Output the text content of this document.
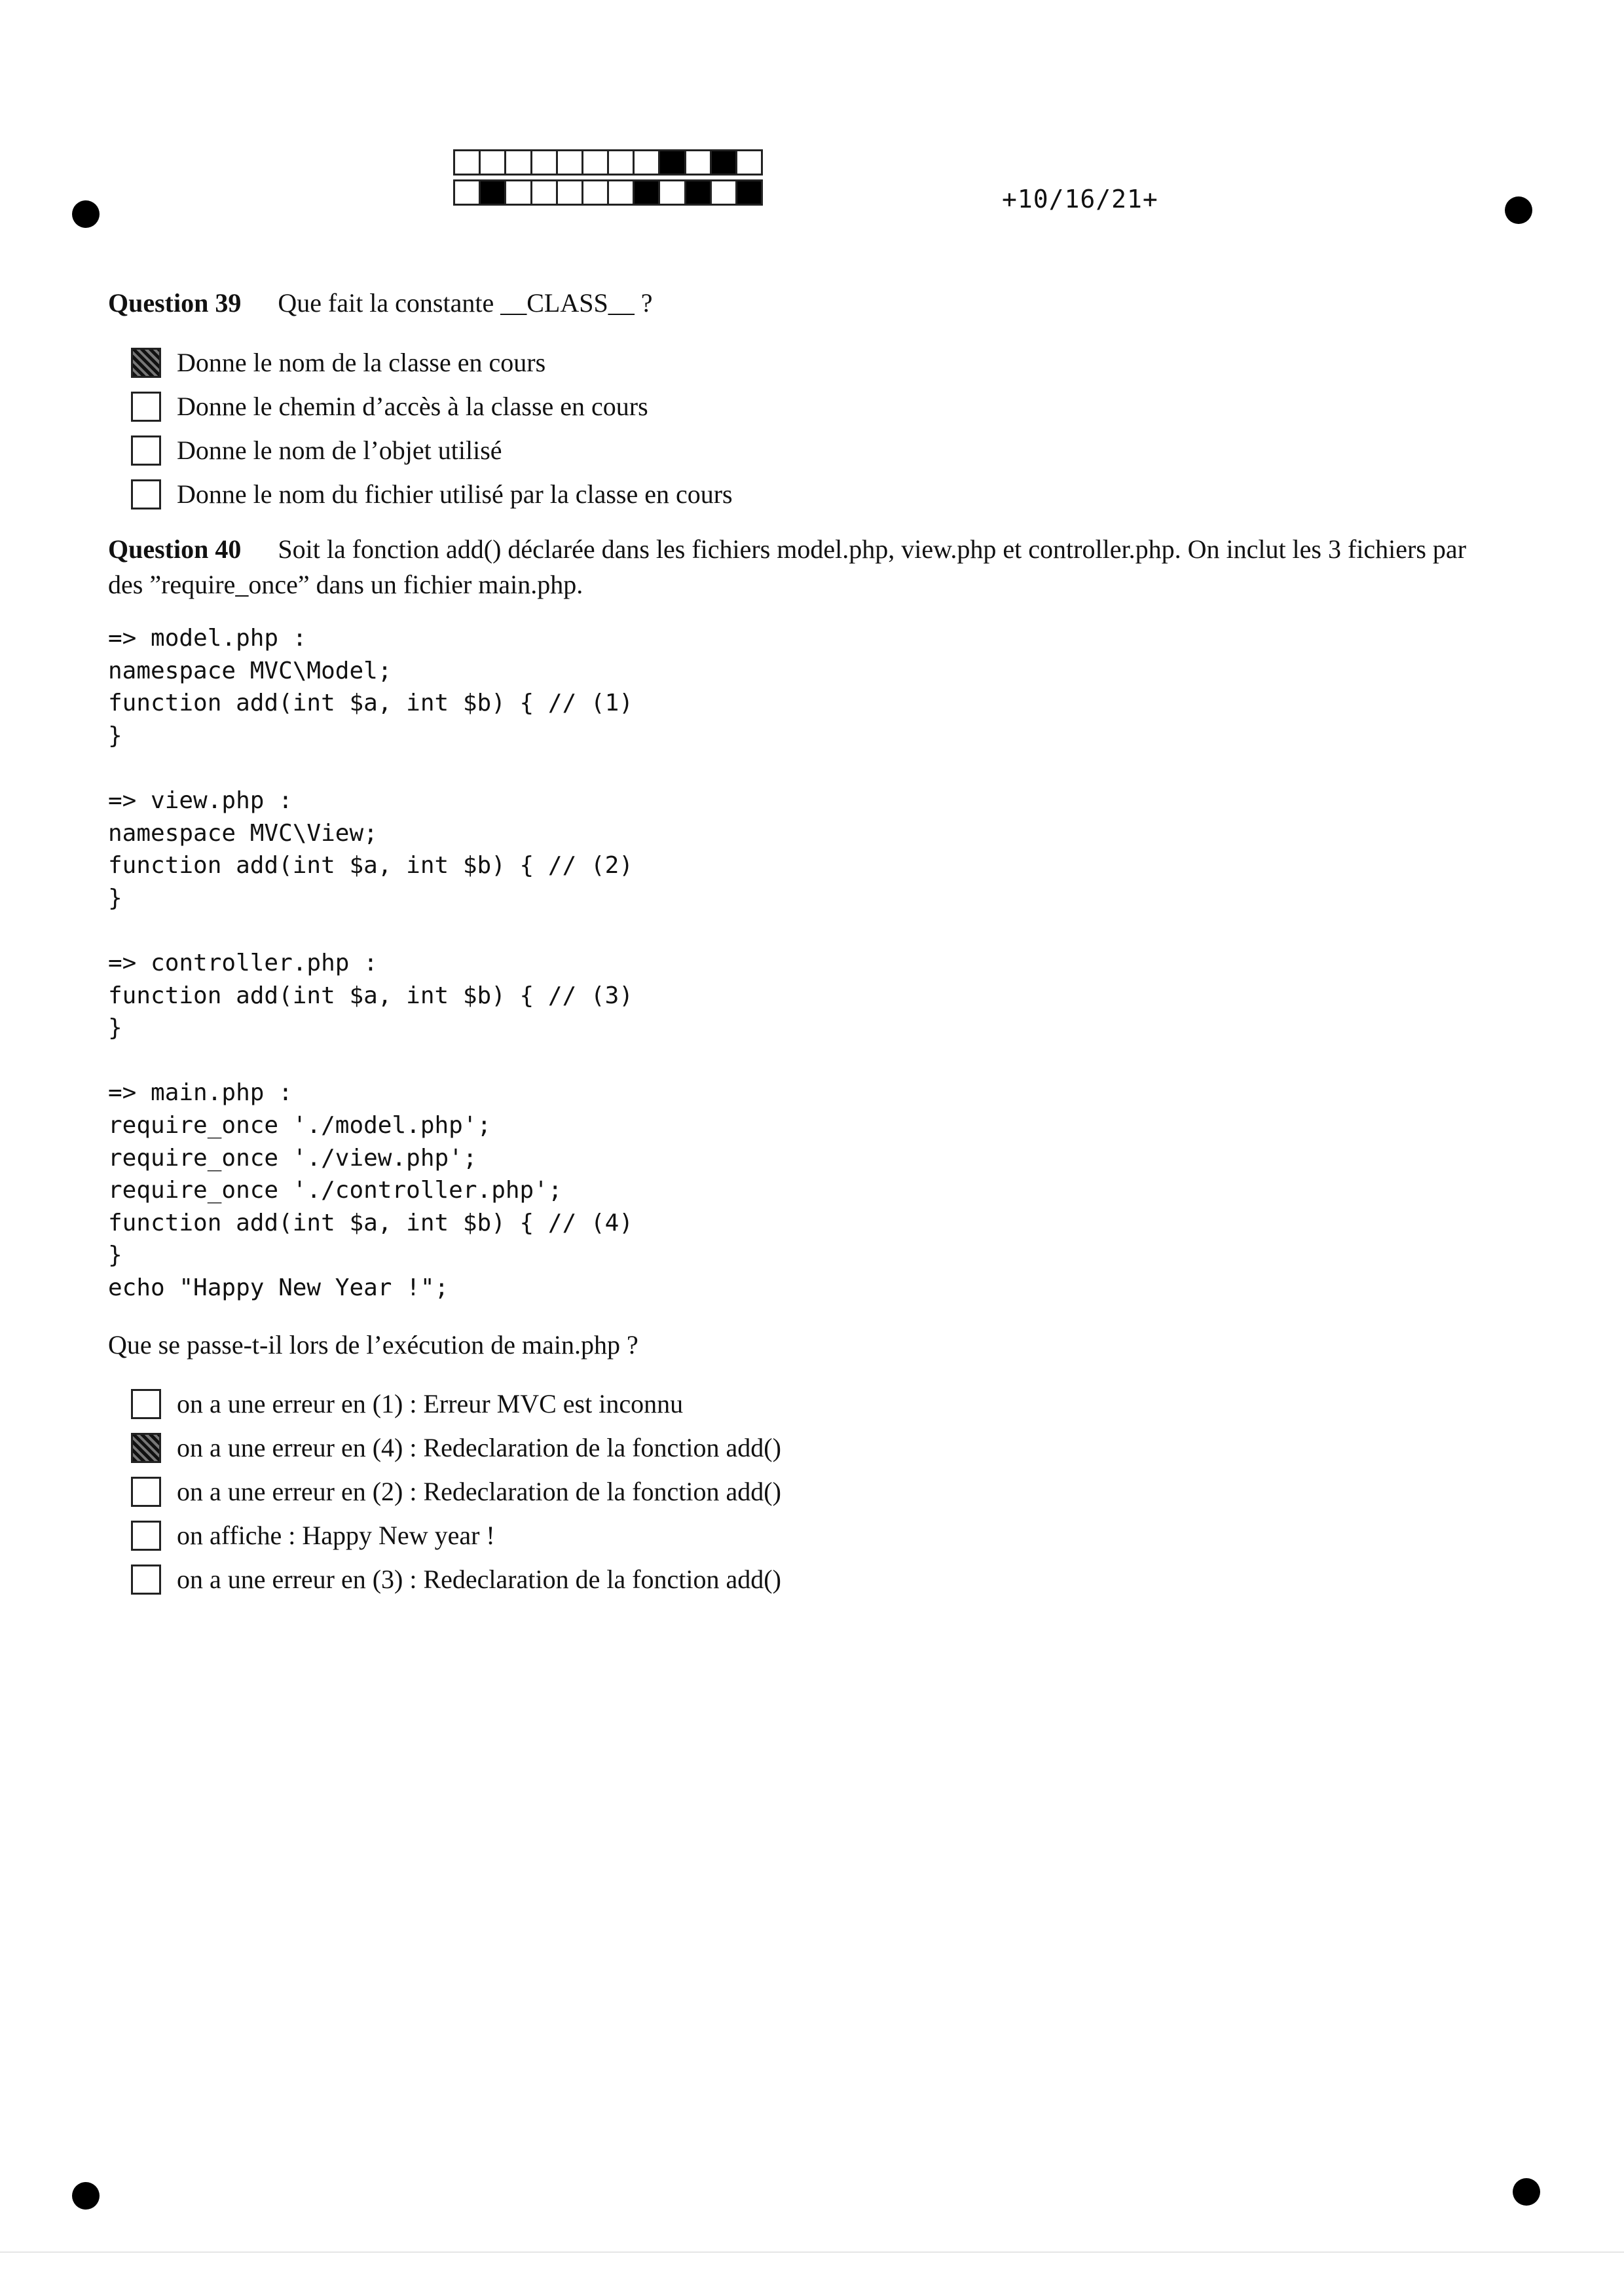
+10/16/21+
Question 39 Que fait la constante __CLASS__ ?
Donne le nom de la classe en cours
Donne le chemin d’accès à la classe en cours
Donne le nom de l’objet utilisé
Donne le nom du fichier utilisé par la classe en cours
Question 40 Soit la fonction add() déclarée dans les fichiers model.php, view.php et controller.php. On inclut les 3 fichiers par des ”require_once” dans un fichier main.php.
=> model.php :
namespace MVC\Model;
function add(int $a, int $b) { // (1)
}

=> view.php :
namespace MVC\View;
function add(int $a, int $b) { // (2)
}

=> controller.php :
function add(int $a, int $b) { // (3)
}

=> main.php :
require_once './model.php';
require_once './view.php';
require_once './controller.php';
function add(int $a, int $b) { // (4)
}
echo "Happy New Year !";
Que se passe-t-il lors de l’exécution de main.php ?
on a une erreur en (1) : Erreur MVC est inconnu
on a une erreur en (4) : Redeclaration de la fonction add()
on a une erreur en (2) : Redeclaration de la fonction add()
on affiche : Happy New year !
on a une erreur en (3) : Redeclaration de la fonction add()
